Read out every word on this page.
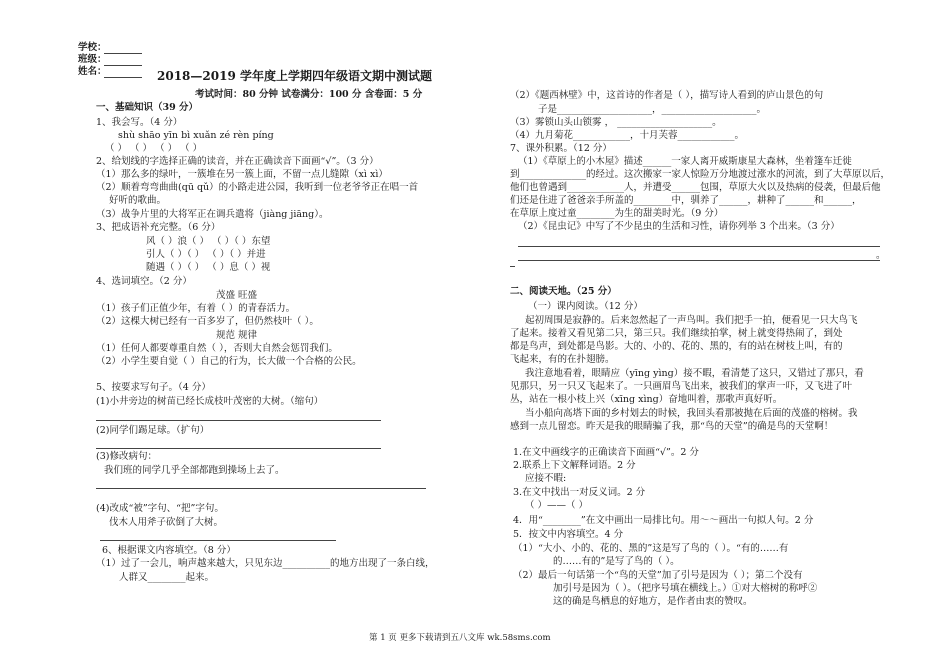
学校：
班级：
姓名：	2018—2019 学年度上学期四年级语文期中测试题
考试时间：80 分钟 试卷满分：100 分 含卷面：5 分
一、基础知识（39 分）
1、我会写。（4 分）
shù shāo yīn bì xuǎn zé rèn píng
（ ） （ ） （ ） （ ）
2、给划线的字选择正确的读音，并在正确读音下面画“√”。（3 分）
（1）那么多的绿叶，一簇堆在另一簇上面，不留一点儿缝隙（xì xì）
（2）顺着弯弯曲曲(qū qǔ）的小路走进公园，我听到一位老爷爷正在唱一首
好听的歌曲。
（3）战争片里的大将军正在调兵遣将（jiàng jiāng）。
3、把成语补充完整。（6 分）
风（ ）浪（ ） （ ）（ ）东望
引人（ ）（ ） （ ）（ ）并进
随遇（ ）（ ） （ ）息（ ）视
4、选词填空。（2 分）
茂盛 旺盛
（1）孩子们正值少年，有着（ ）的青春活力。
（2）这棵大树已经有一百多岁了，但仍然枝叶（ ）。
规范 规律
（1）任何人都要尊重自然（ ），否则大自然会惩罚我们。
（2）小学生要自觉（ ）自己的行为，长大做一个合格的公民。
5、按要求写句子。（4 分）
(1)小井旁边的树苗已经长成枝叶茂密的大树。（缩句）
(2)同学们踢足球。（扩句）
(3)修改病句：
我们班的同学几乎全部都跑到操场上去了。
(4)改成“被”字句、“把”字句。
伐木人用斧子砍倒了大树。
6、根据课文内容填空。（8 分）
（1）过了一会儿，响声越来越大，只见东边__________的地方出现了一条白线，
人群又________起来。
（2）《题西林壁》中，这首诗的作者是（ ），描写诗人看到的庐山景色的句
子是____________________，____________________。
（3）雾锁山头山锁雾 ， ____________________。
（4）九月菊花____________，十月芙蓉____________。
7、课外积累。（12 分）
（1）《草原上的小木屋》描述______一家人离开威斯康星大森林，坐着篷车迁徙
到______________的经过。这次搬家一家人惊险万分地渡过涨水的河流，到了大草原以后，
他们也曾遇到____________人，并遭受______包围，草原大火以及热病的侵袭，但最后他
们还是住进了爸爸亲手所盖的________中，驯养了______，耕种了______和______，
在草原上度过童________为生的甜美时光。（9 分）
（2）《昆虫记》中写了不少昆虫的生活和习性，请你列举 3 个出来。（3 分）
。
二、阅读天地。（25 分）
（一）课内阅读。（12 分）
起初周围是寂静的。后来忽然起了一声鸟叫。我们把手一拍，便看见一只大鸟飞
了起来。接着又看见第二只，第三只。我们继续拍掌，树上就变得热闹了，到处
都是鸟声，到处都是鸟影。大的、小的、花的、黑的，有的站在树枝上叫，有的
飞起来，有的在扑翅膀。
我注意地看着，眼睛应（yīng yìng）接不暇，看清楚了这只，又错过了那只，看
见那只，另一只又飞起来了。一只画眉鸟飞出来，被我们的掌声一吓，又飞进了叶
丛，站在一根小枝上兴（xīng xìng）奋地叫着，那歌声真好听。
当小船向高塔下面的乡村划去的时候，我回头看那被抛在后面的茂盛的榕树。我
感到一点儿留恋。昨天是我的眼睛骗了我，那“鸟的天堂”的确是鸟的天堂啊！
1.在文中画线字的正确读音下面画“√”。2 分
2.联系上下文解释词语。2 分
应接不暇:
3.在文中找出一对反义词。2 分
（ ）——（ ）
4．用“________”在文中画出一局排比句。用～～画出一句拟人句。2 分
5．按文中内容填空。4 分
（1）“大小、小的、花的、黑的”这是写了鸟的（ ）。“有的……有
的……有的”是写了鸟的（ ）。
（2）最后一句话第一个“鸟的天堂”加了引号是因为（ ）；第二个没有
加引号是因为（ ）。（把序号填在横线上。）①对大榕树的称呼②
这的确是鸟栖息的好地方，是作者由衷的赞叹。
第 1 页 更多下载请到五八文库 wk.58sms.com
